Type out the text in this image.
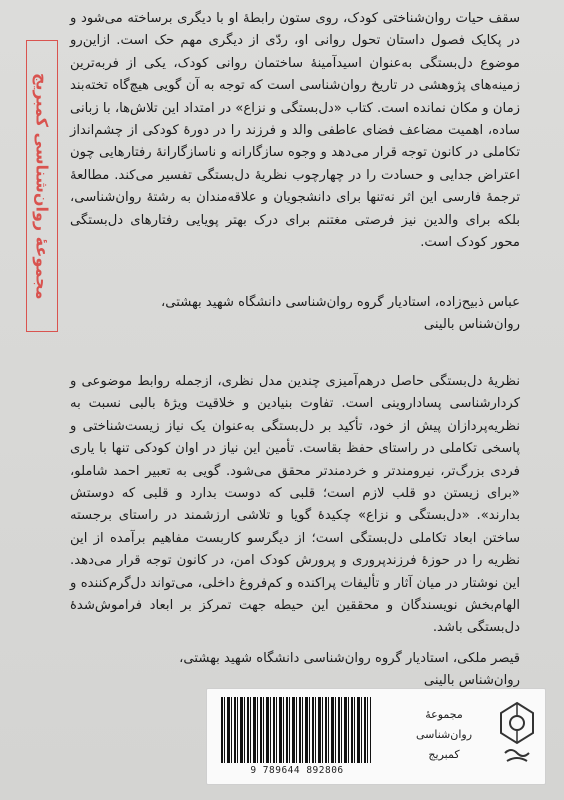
مجموعهٔ روان‌شناسی کمبریج

سقف حیات روان‌شناختی کودک، روی ستون رابطهٔ او با دیگری برساخته می‌شود و در پکایک فصول داستان تحول روانی او، ردّی از دیگری مهم حک است. ازاین‌رو موضوع دل‌بستگی به‌عنوان اسیدآمینهٔ ساختمان روانی کودک، یکی از فربه‌ترین زمینه‌های پژوهشی در تاریخ روان‌شناسی است که توجه به آن گویی هیچ‌گاه تخته‌بند زمان و مکان نمانده است. کتاب «دل‌بستگی و نزاع» در امتداد این تلاش‌ها، با زبانی ساده، اهمیت مضاعف فضای عاطفی والد و فرزند را در دورهٔ کودکی از چشم‌انداز تکاملی در کانون توجه قرار می‌دهد و وجوه سازگارانه و ناسازگارانهٔ رفتارهایی چون اعتراض جدایی و حسادت را در چهارچوب نظریهٔ دل‌بستگی تفسیر می‌کند. مطالعهٔ ترجمهٔ فارسی این اثر نه‌تنها برای دانشجویان و علاقه‌مندان به رشتهٔ روان‌شناسی، بلکه برای والدین نیز فرصتی مغتنم برای درک بهتر پویایی رفتارهای دل‌بستگی محور کودک است.

عباس ذبیح‌زاده، استادیار گروه روان‌شناسی دانشگاه شهید بهشتی،
روان‌شناس بالینی

نظریهٔ دل‌بستگی حاصل درهم‌آمیزی چندین مدل نظری، ازجمله روابط موضوعی و کردارشناسی پساداروینی است. تفاوت بنیادین و خلاقیت ویژهٔ بالبی نسبت به نظریه‌پردازان پیش از خود، تأکید بر دل‌بستگی به‌عنوان یک نیاز زیست‌شناختی و پاسخی تکاملی در راستای حفظ بقاست. تأمین این نیاز در اوان کودکی تنها با یاری فردی بزرگ‌تر، نیرومندتر و خردمندتر محقق می‌شود. گویی به تعبیر احمد شاملو، «برای زیستن دو قلب لازم است؛ قلبی که دوست بدارد و قلبی که دوستش بدارند». «دل‌بستگی و نزاع» چکیدهٔ گویا و تلاشی ارزشمند در راستای برجسته ساختن ابعاد تکاملی دل‌بستگی است؛ از دیگرسو کاربست مفاهیم برآمده از این نظریه را در حوزهٔ فرزندپروری و پرورش کودک امن، در کانون توجه قرار می‌دهد. این نوشتار در میان آثار و تألیفات پراکنده و کم‌فروغ داخلی، می‌تواند دل‌گرم‌کننده و الهام‌بخش نویسندگان و محققین این حیطه جهت تمرکز بر ابعاد فراموش‌شدهٔ دل‌بستگی باشد.

قیصر ملکی، استادیار گروه روان‌شناسی دانشگاه شهید بهشتی،
روان‌شناس بالینی
9 789644 892806
مجموعهٔ روان‌شناسی
کمبریج
